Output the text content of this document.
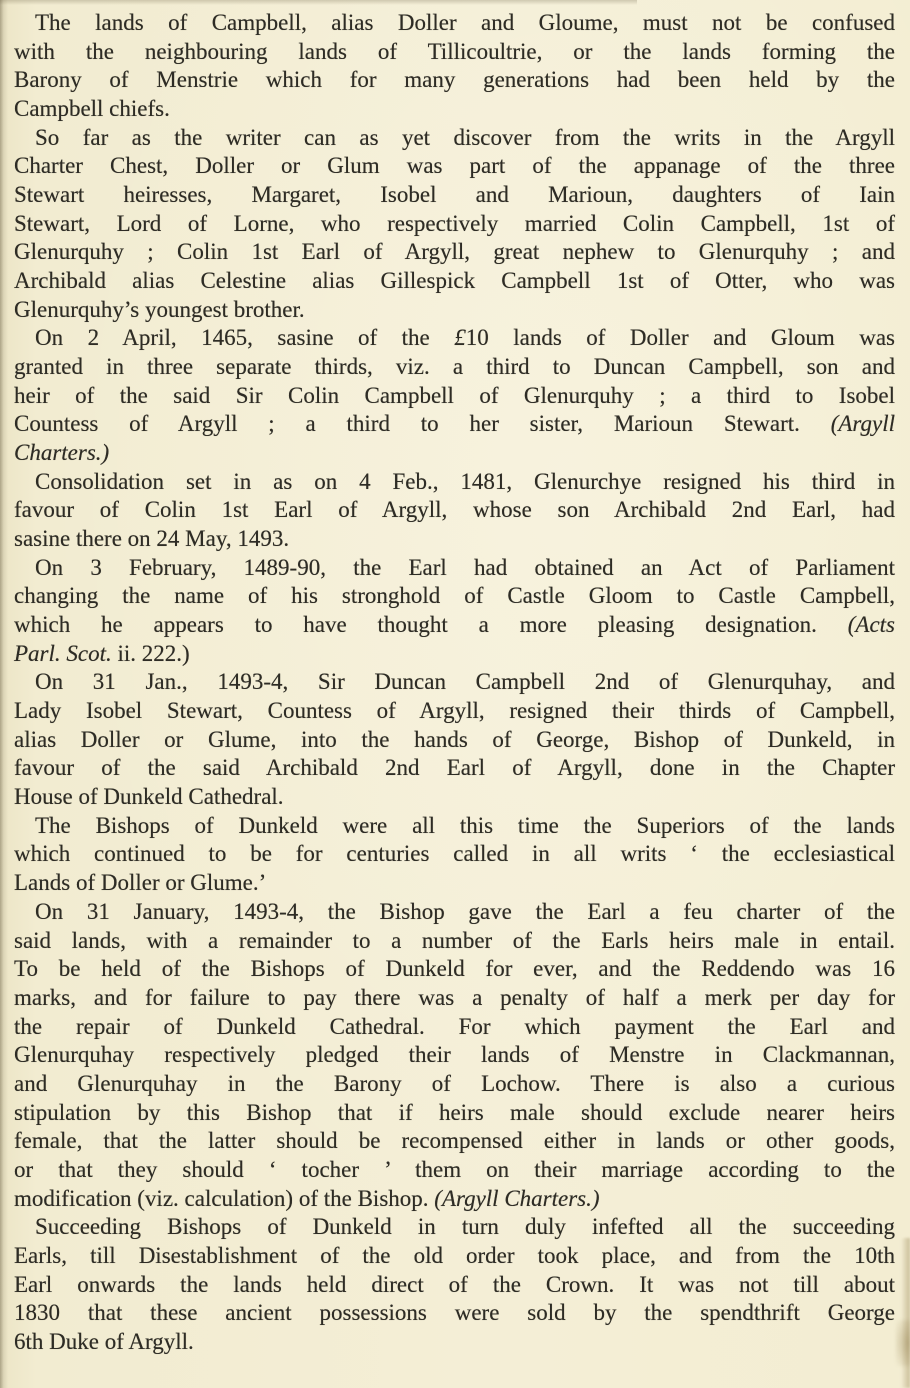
The lands of Campbell, alias Doller and Gloume, must not be confused
with the neighbouring lands of Tillicoultrie, or the lands forming the
Barony of Menstrie which for many generations had been held by the
Campbell chiefs.
So far as the writer can as yet discover from the writs in the Argyll
Charter Chest, Doller or Glum was part of the appanage of the three
Stewart heiresses, Margaret, Isobel and Marioun, daughters of Iain
Stewart, Lord of Lorne, who respectively married Colin Campbell, 1st of
Glenurquhy ; Colin 1st Earl of Argyll, great nephew to Glenurquhy ; and
Archibald alias Celestine alias Gillespick Campbell 1st of Otter, who was
Glenurquhy’s youngest brother.
On 2 April, 1465, sasine of the £10 lands of Doller and Gloum was
granted in three separate thirds, viz. a third to Duncan Campbell, son and
heir of the said Sir Colin Campbell of Glenurquhy ; a third to Isobel
Countess of Argyll ; a third to her sister, Marioun Stewart. (Argyll
Charters.)
Consolidation set in as on 4 Feb., 1481, Glenurchye resigned his third in
favour of Colin 1st Earl of Argyll, whose son Archibald 2nd Earl, had
sasine there on 24 May, 1493.
On 3 February, 1489-90, the Earl had obtained an Act of Parliament
changing the name of his stronghold of Castle Gloom to Castle Campbell,
which he appears to have thought a more pleasing designation. (Acts
Parl. Scot. ii. 222.)
On 31 Jan., 1493-4, Sir Duncan Campbell 2nd of Glenurquhay, and
Lady Isobel Stewart, Countess of Argyll, resigned their thirds of Campbell,
alias Doller or Glume, into the hands of George, Bishop of Dunkeld, in
favour of the said Archibald 2nd Earl of Argyll, done in the Chapter
House of Dunkeld Cathedral.
The Bishops of Dunkeld were all this time the Superiors of the lands
which continued to be for centuries called in all writs ‘ the ecclesiastical
Lands of Doller or Glume.’
On 31 January, 1493-4, the Bishop gave the Earl a feu charter of the
said lands, with a remainder to a number of the Earls heirs male in entail.
To be held of the Bishops of Dunkeld for ever, and the Reddendo was 16
marks, and for failure to pay there was a penalty of half a merk per day for
the repair of Dunkeld Cathedral. For which payment the Earl and
Glenurquhay respectively pledged their lands of Menstre in Clackmannan,
and Glenurquhay in the Barony of Lochow. There is also a curious
stipulation by this Bishop that if heirs male should exclude nearer heirs
female, that the latter should be recompensed either in lands or other goods,
or that they should ‘ tocher ’ them on their marriage according to the
modification (viz. calculation) of the Bishop. (Argyll Charters.)
Succeeding Bishops of Dunkeld in turn duly infefted all the succeeding
Earls, till Disestablishment of the old order took place, and from the 10th
Earl onwards the lands held direct of the Crown. It was not till about
1830 that these ancient possessions were sold by the spendthrift George
6th Duke of Argyll.
